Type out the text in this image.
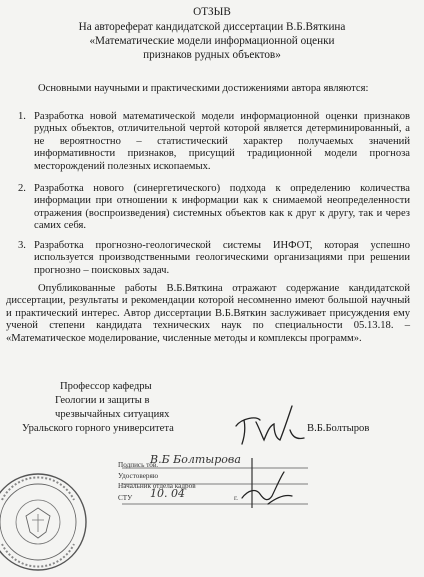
ОТЗЫВ
На автореферат кандидатской диссертации В.Б.Вяткина
«Математические модели информационной оценки
признаков рудных объектов»
Основными научными и практическими достижениями автора являются:
1. Разработка новой математической модели информационной оценки признаков рудных объектов, отличительной чертой которой является детерминированный, а не вероятностно – статистический характер получаемых значений информативности признаков, присущий традиционной модели прогноза месторождений полезных ископаемых.
2. Разработка нового (синергетического) подхода к определению количества информации при отношении к информации как к снимаемой неопределенности отражения (воспроизведения) системных объектов как к друг к другу, так и через самих себя.
3. Разработка прогнозно-геологической системы ИНФОТ, которая успешно используется производственными геологическими организациями при решении прогнозно – поисковых задач.
Опубликованные работы В.Б.Вяткина отражают содержание кандидатской диссертации, результаты и рекомендации которой несомненно имеют большой научный и практический интерес. Автор диссертации В.Б.Вяткин заслуживает присуждения ему ученой степени кандидата технических наук по специальности 05.13.18. – «Математическое моделирование, численные методы и комплексы программ».
Профессор кафедры
Геологии и защиты в
чрезвычайных ситуациях
Уральского горного университета	В.Б.Болтыров
Подпись тов.
В.Б Болтырова
Удостоверяю
Начальник отдела кадров
СТУ 10. 04	г.
